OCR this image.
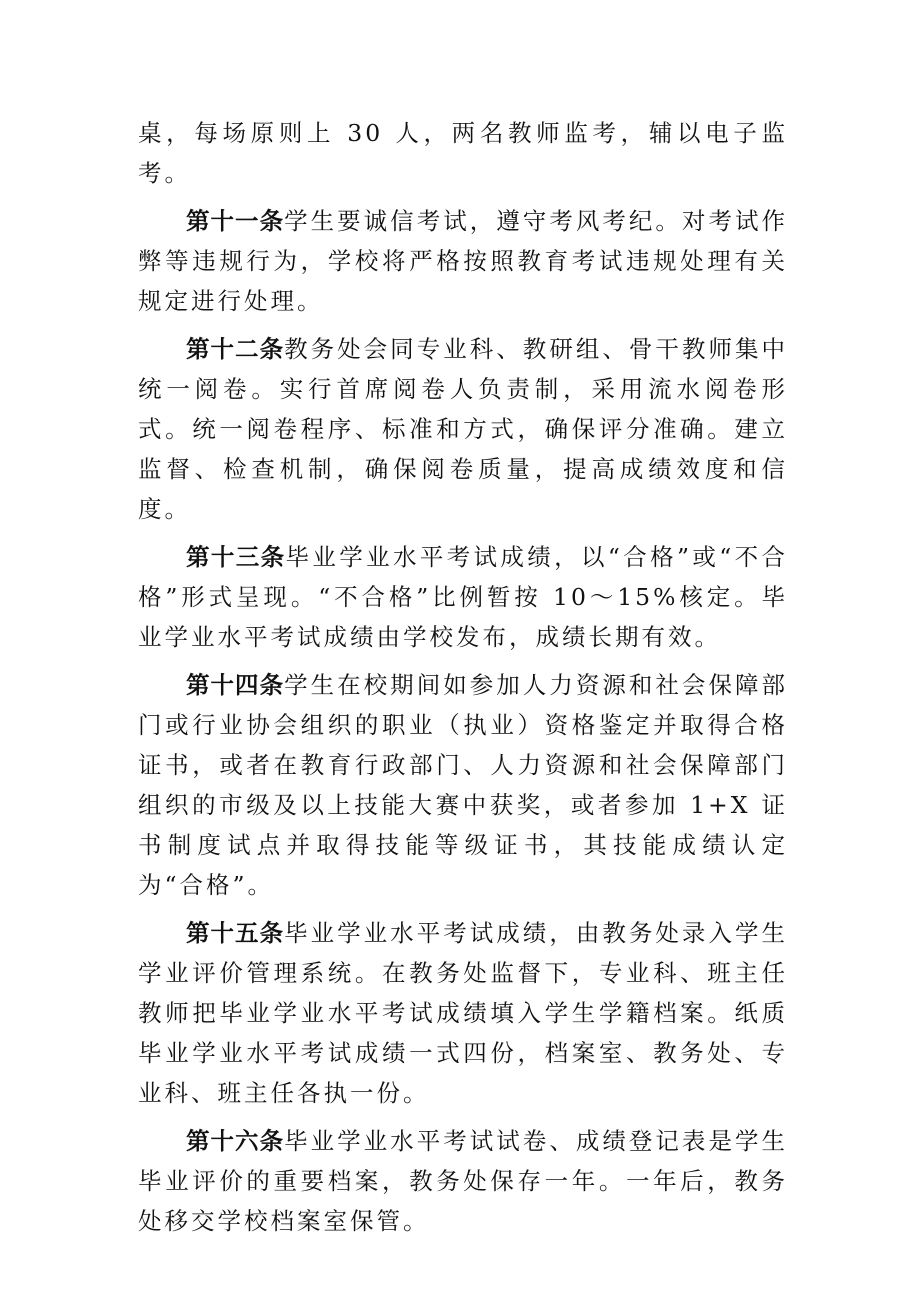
桌，每场原则上 30 人，两名教师监考，辅以电子监考。

第十一条学生要诚信考试，遵守考风考纪。对考试作弊等违规行为，学校将严格按照教育考试违规处理有关规定进行处理。

第十二条教务处会同专业科、教研组、骨干教师集中统一阅卷。实行首席阅卷人负责制，采用流水阅卷形式。统一阅卷程序、标准和方式，确保评分准确。建立监督、检查机制，确保阅卷质量，提高成绩效度和信度。

第十三条毕业学业水平考试成绩，以“合格”或“不合格”形式呈现。“不合格”比例暂按 10～15%核定。毕业学业水平考试成绩由学校发布，成绩长期有效。

第十四条学生在校期间如参加人力资源和社会保障部门或行业协会组织的职业（执业）资格鉴定并取得合格证书，或者在教育行政部门、人力资源和社会保障部门组织的市级及以上技能大赛中获奖，或者参加 1+X 证书制度试点并取得技能等级证书，其技能成绩认定为“合格”。

第十五条毕业学业水平考试成绩，由教务处录入学生学业评价管理系统。在教务处监督下，专业科、班主任教师把毕业学业水平考试成绩填入学生学籍档案。纸质毕业学业水平考试成绩一式四份，档案室、教务处、专业科、班主任各执一份。

第十六条毕业学业水平考试试卷、成绩登记表是学生毕业评价的重要档案，教务处保存一年。一年后，教务处移交学校档案室保管。
